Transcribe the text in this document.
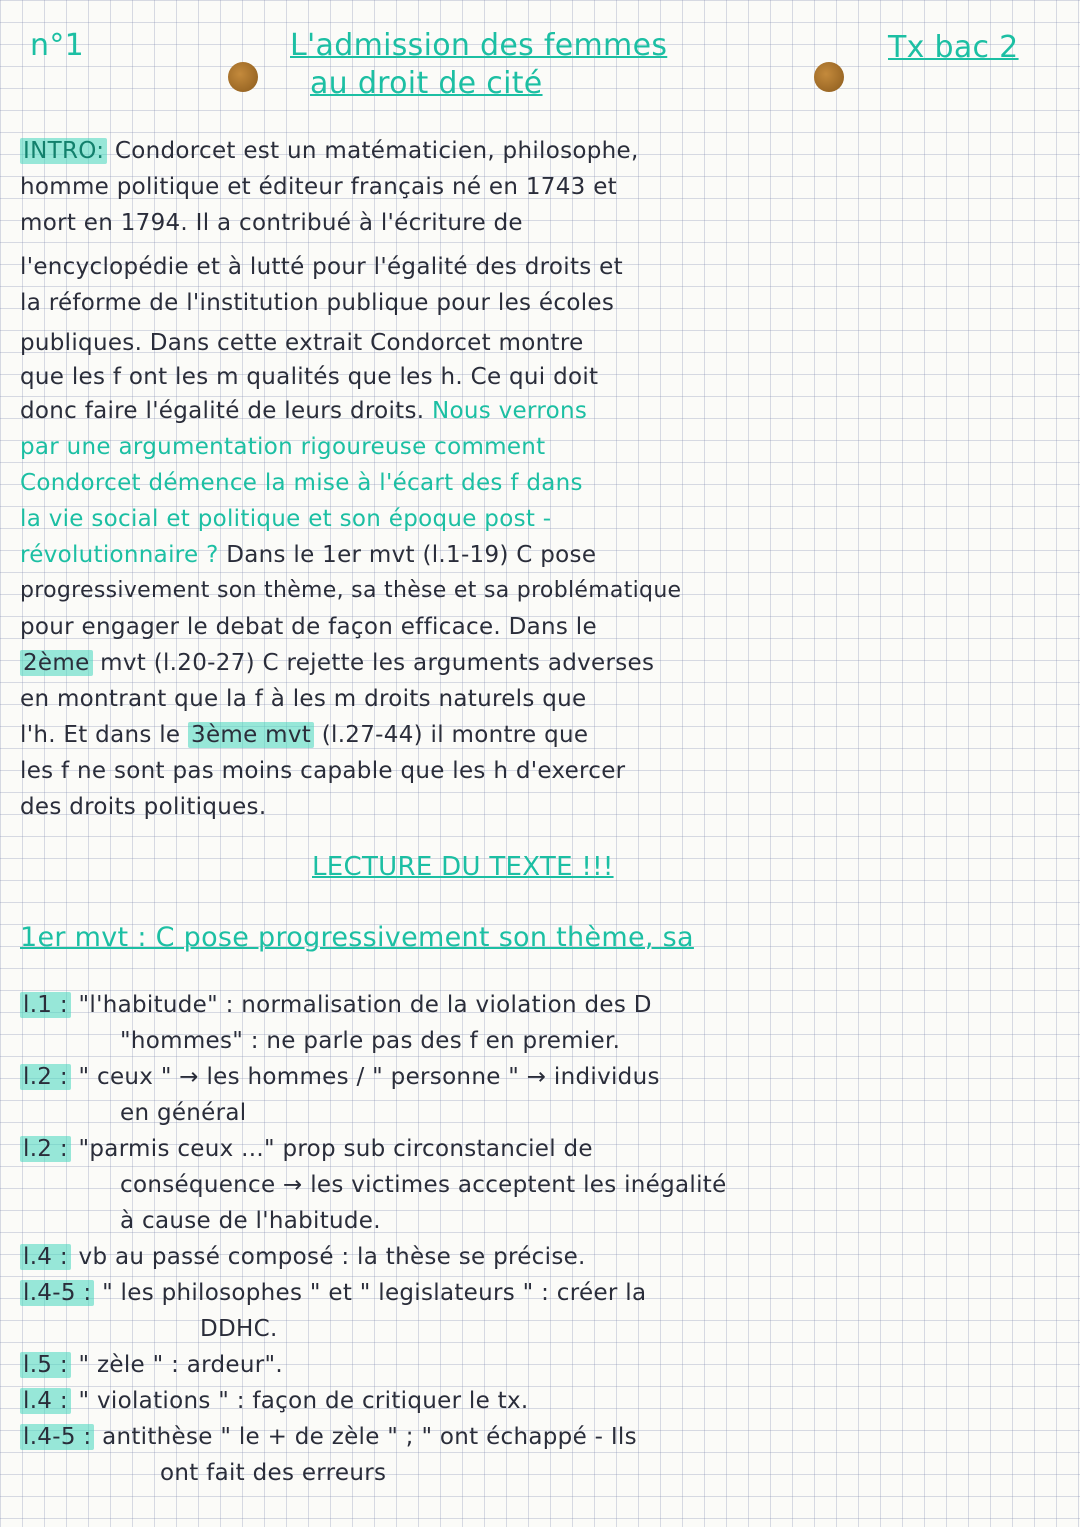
n°1	L'admission des femmes
au droit de cité
Tx bac 2
INTRO: Condorcet est un matématicien, philosophe,
homme politique et éditeur français né en 1743 et
mort en 1794. Il a contribué à l'écriture de
l'encyclopédie et à lutté pour l'égalité des droits et
la réforme de l'institution publique pour les écoles
publiques. Dans cette extrait Condorcet montre
que les f ont les m qualités que les h. Ce qui doit
donc faire l'égalité de leurs droits. Nous verrons
par une argumentation rigoureuse comment
Condorcet démence la mise à l'écart des f dans
la vie social et politique et son époque post -
révolutionnaire ? Dans le 1er mvt (l.1-19) C pose
progressivement son thème, sa thèse et sa problématique
pour engager le debat de façon efficace. Dans le
2ème mvt (l.20-27) C rejette les arguments adverses
en montrant que la f à les m droits naturels que
l'h. Et dans le 3ème mvt (l.27-44) il montre que
les f ne sont pas moins capable que les h d'exercer
des droits politiques.
LECTURE DU TEXTE !!!
1er mvt : C pose progressivement son thème, sa
l.1 : "l'habitude" : normalisation de la violation des D
"hommes" : ne parle pas des f en premier.
l.2 : " ceux " → les hommes / " personne " → individus
en général
l.2 : "parmis ceux ..." prop sub circonstanciel de
conséquence → les victimes acceptent les inégalité
à cause de l'habitude.
l.4 : vb au passé composé : la thèse se précise.
l.4-5 : " les philosophes " et " legislateurs " : créer la
DDHC.
l.5 : " zèle " : ardeur".
l.4 : " violations " : façon de critiquer le tx.
l.4-5 : antithèse " le + de zèle " ; " ont échappé - Ils
ont fait des erreurs
